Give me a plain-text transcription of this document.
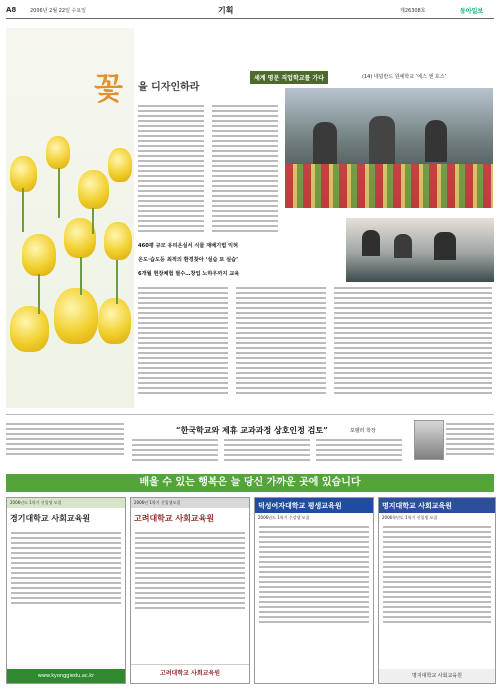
A8	2006년 2월 22일 수요일	기획	제26308호	동아일보
꽃 을 디자인하라
세계 명문 직업학교를 가다	(14) 네덜란드 원예학교 ‘에스 엔 호스’
460평 규모 유리온실서 식물 재배기법 익혀
온도·습도등 최적의 환경찾아 ‘실습 또 실습’
6개월 현장체험 필수…창업 노하우까지 교육
“한국학교와 제휴 교과과정 상호인정 검토”	포펠러 학장
배울 수 있는 행복은 늘 당신 가까운 곳에 있습니다
2006년도 1학기 신입생 모집
경기대학교 사회교육원
www.kyonggiedu.ac.kr
2006년 1학기 신입생모집
고려대학교 사회교육원
고려대학교 사회교육원
덕성여자대학교 평생교육원
2006년도 1학기 수강생 모집
명지대학교 사회교육원
2006학년도 1학기 신입생 모집
명지대학교 사회교육원
